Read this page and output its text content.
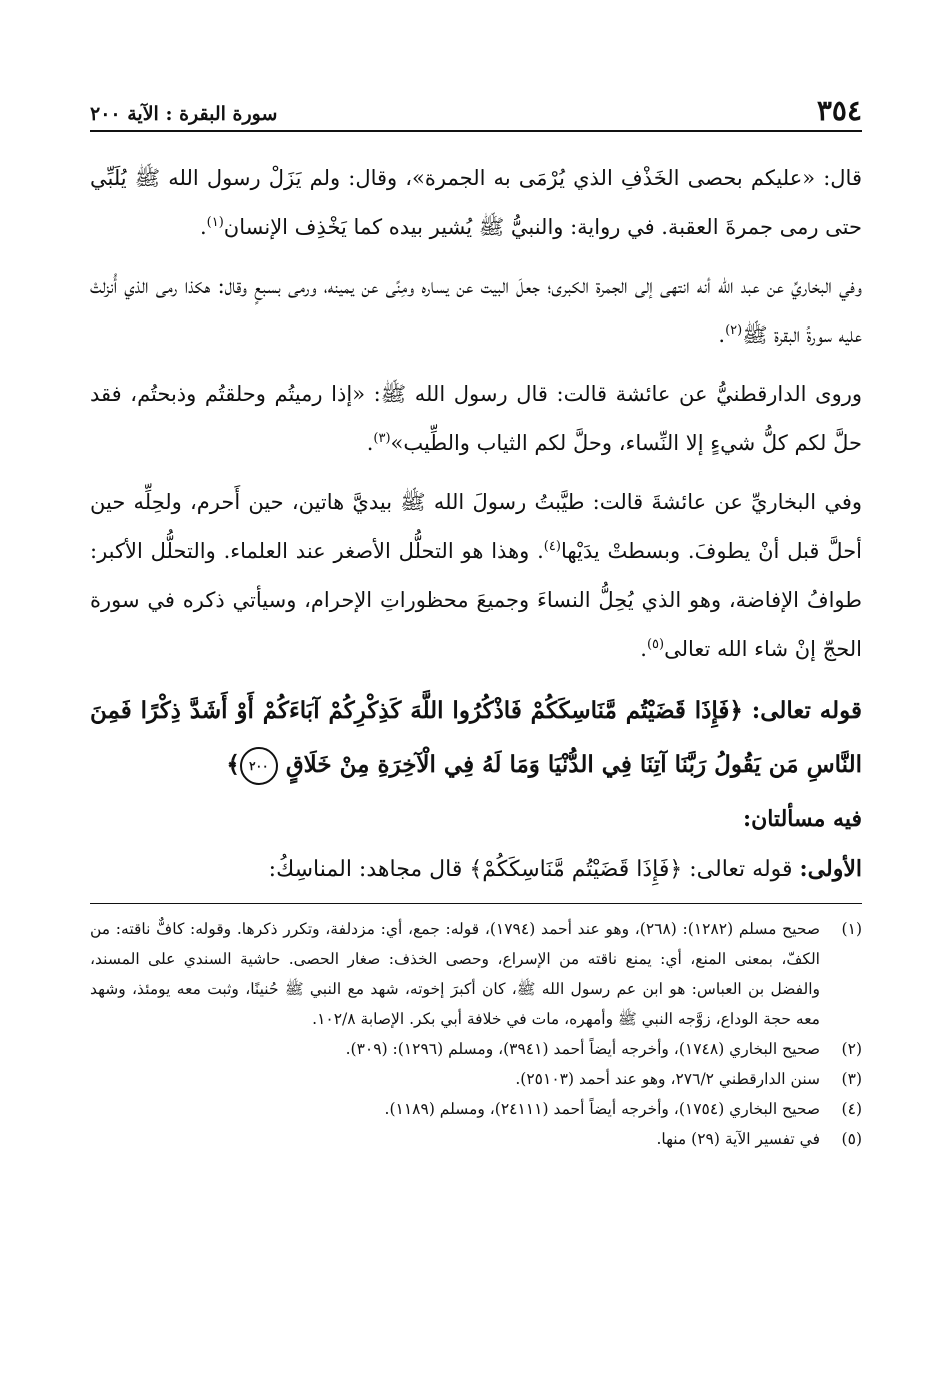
٣٥٤
سورة البقرة : الآية ٢٠٠

قال: «عليكم بحصى الخَذْفِ الذي يُرْمَى به الجمرة»، وقال: ولم يَزَلْ رسول الله ﷺ يُلَبِّي حتى رمى جمرةَ العقبة. في رواية: والنبيُّ ﷺ يُشير بيده كما يَخْذِف الإنسان$^{(١)}$.

وفي البخاريِّ عن عبد الله أنه انتهى إلى الجمرة الكبرى؛ جعلَ البيت عن يساره ومِنًى عن يمينه، ورمى بسبعٍ وقال: هكذا رمى الذي أُنزلتْ عليه سورةُ البقرة ﷺ$^{(٢)}$.

وروى الدارقطنيُّ عن عائشة قالت: قال رسول الله ﷺ: «إذا رميتُم وحلقتُم وذبحتُم، فقد حلَّ لكم كلُّ شيءٍ إلا النِّساء، وحلَّ لكم الثياب والطِّيب»$^{(٣)}$.

وفي البخاريِّ عن عائشةَ قالت: طيَّبتُ رسولَ الله ﷺ بيديَّ هاتين، حين أَحرم، ولحِلِّه حين أحلَّ قبل أنْ يطوفَ. وبسطتْ يدَيْها$^{(٤)}$. وهذا هو التحلُّل الأصغر عند العلماء. والتحلُّل الأكبر: طوافُ الإفاضة، وهو الذي يُحِلُّ النساءَ وجميعَ محظوراتِ الإحرام، وسيأتي ذكره في سورة الحجّ إنْ شاء الله تعالى$^{(٥)}$.

قوله تعالى: ﴿فَإِذَا قَضَيْتُم مَّنَاسِكَكُمْ فَاذْكُرُوا اللَّهَ كَذِكْرِكُمْ آبَاءَكُمْ أَوْ أَشَدَّ ذِكْرًا فَمِنَ النَّاسِ مَن يَقُولُ رَبَّنَا آتِنَا فِي الدُّنْيَا وَمَا لَهُ فِي الْآخِرَةِ مِنْ خَلَاقٍ ٢٠٠﴾
فيه مسألتان:
الأولى: قوله تعالى: ﴿فَإِذَا قَضَيْتُم مَّنَاسِكَكُمْ﴾ قال مجاهد: المناسِكُ:
(١)
صحيح مسلم (١٢٨٢): (٢٦٨)، وهو عند أحمد (١٧٩٤)، قوله: جمع، أي: مزدلفة، وتكرر ذكرها. وقوله: كافٌّ ناقته: من الكفّ، بمعنى المنع، أي: يمنع ناقته من الإسراع، وحصى الخذف: صغار الحصى. حاشية السندي على المسند، والفضل بن العباس: هو ابن عم رسول الله ﷺ، كان أكبرَ إخوته، شهد مع النبي ﷺ حُنينًا، وثبت معه يومئذ، وشهد معه حجة الوداع، زوَّجه النبي ﷺ وأمهره، مات في خلافة أبي بكر. الإصابة ١٠٢/٨.
(٢)
صحيح البخاري (١٧٤٨)، وأخرجه أيضاً أحمد (٣٩٤١)، ومسلم (١٢٩٦): (٣٠٩).
(٣)
سنن الدارقطني ٢٧٦/٢، وهو عند أحمد (٢٥١٠٣).
(٤)
صحيح البخاري (١٧٥٤)، وأخرجه أيضاً أحمد (٢٤١١١)، ومسلم (١١٨٩).
(٥)
في تفسير الآية (٢٩) منها.
